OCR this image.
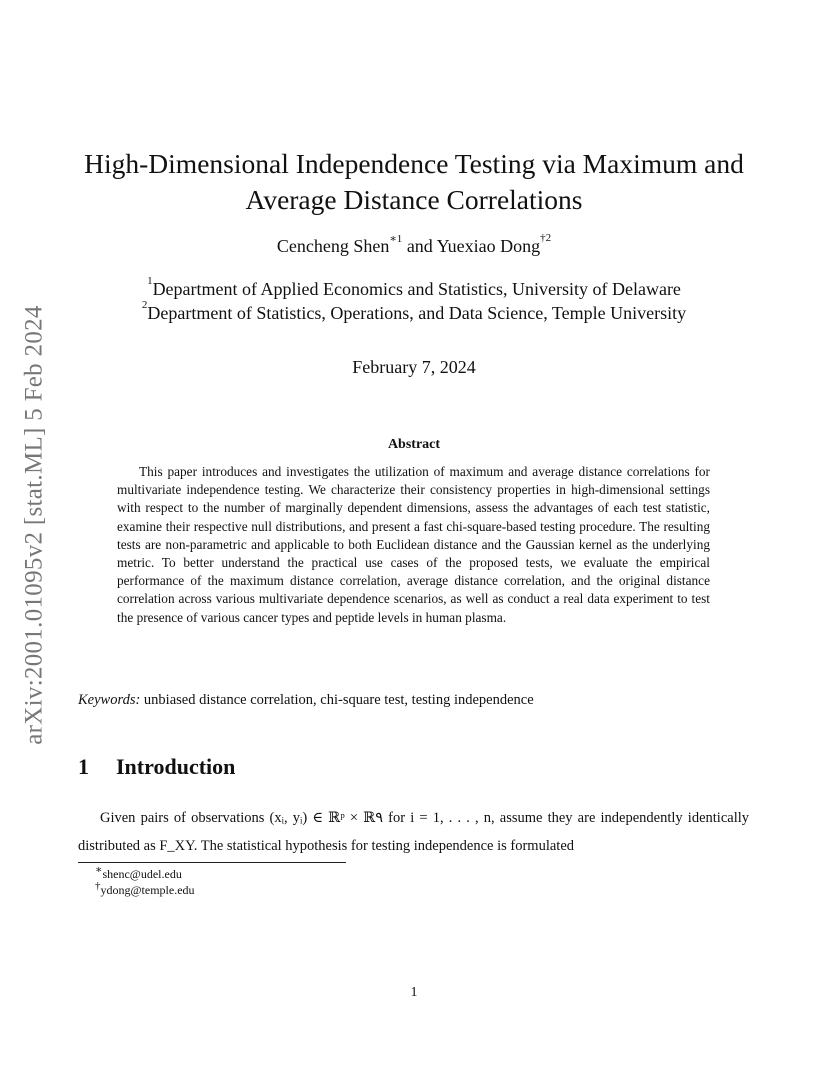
arXiv:2001.01095v2 [stat.ML] 5 Feb 2024
High-Dimensional Independence Testing via Maximum and Average Distance Correlations
Cencheng Shen$^{∗1}$ and Yuexiao Dong$^{\dagger 2}$
$^1$Department of Applied Economics and Statistics, University of Delaware
$^2$Department of Statistics, Operations, and Data Science, Temple University
February 7, 2024
Abstract

This paper introduces and investigates the utilization of maximum and average distance correlations for multivariate independence testing. We characterize their consistency properties in high-dimensional settings with respect to the number of marginally dependent dimensions, assess the advantages of each test statistic, examine their respective null distributions, and present a fast chi-square-based testing procedure. The resulting tests are non-parametric and applicable to both Euclidean distance and the Gaussian kernel as the underlying metric. To better understand the practical use cases of the proposed tests, we evaluate the empirical performance of the maximum distance correlation, average distance correlation, and the original distance correlation across various multivariate dependence scenarios, as well as conduct a real data experiment to test the presence of various cancer types and peptide levels in human plasma.

Keywords: unbiased distance correlation, chi-square test, testing independence
1 Introduction

Given pairs of observations (xᵢ, yᵢ) ∈ ℝᵖ × ℝ۹ for i = 1, . . . , n, assume they are independently identically distributed as F_XY. The statistical hypothesis for testing independence is formulated

∗shenc@udel.edu
†ydong@temple.edu
1
